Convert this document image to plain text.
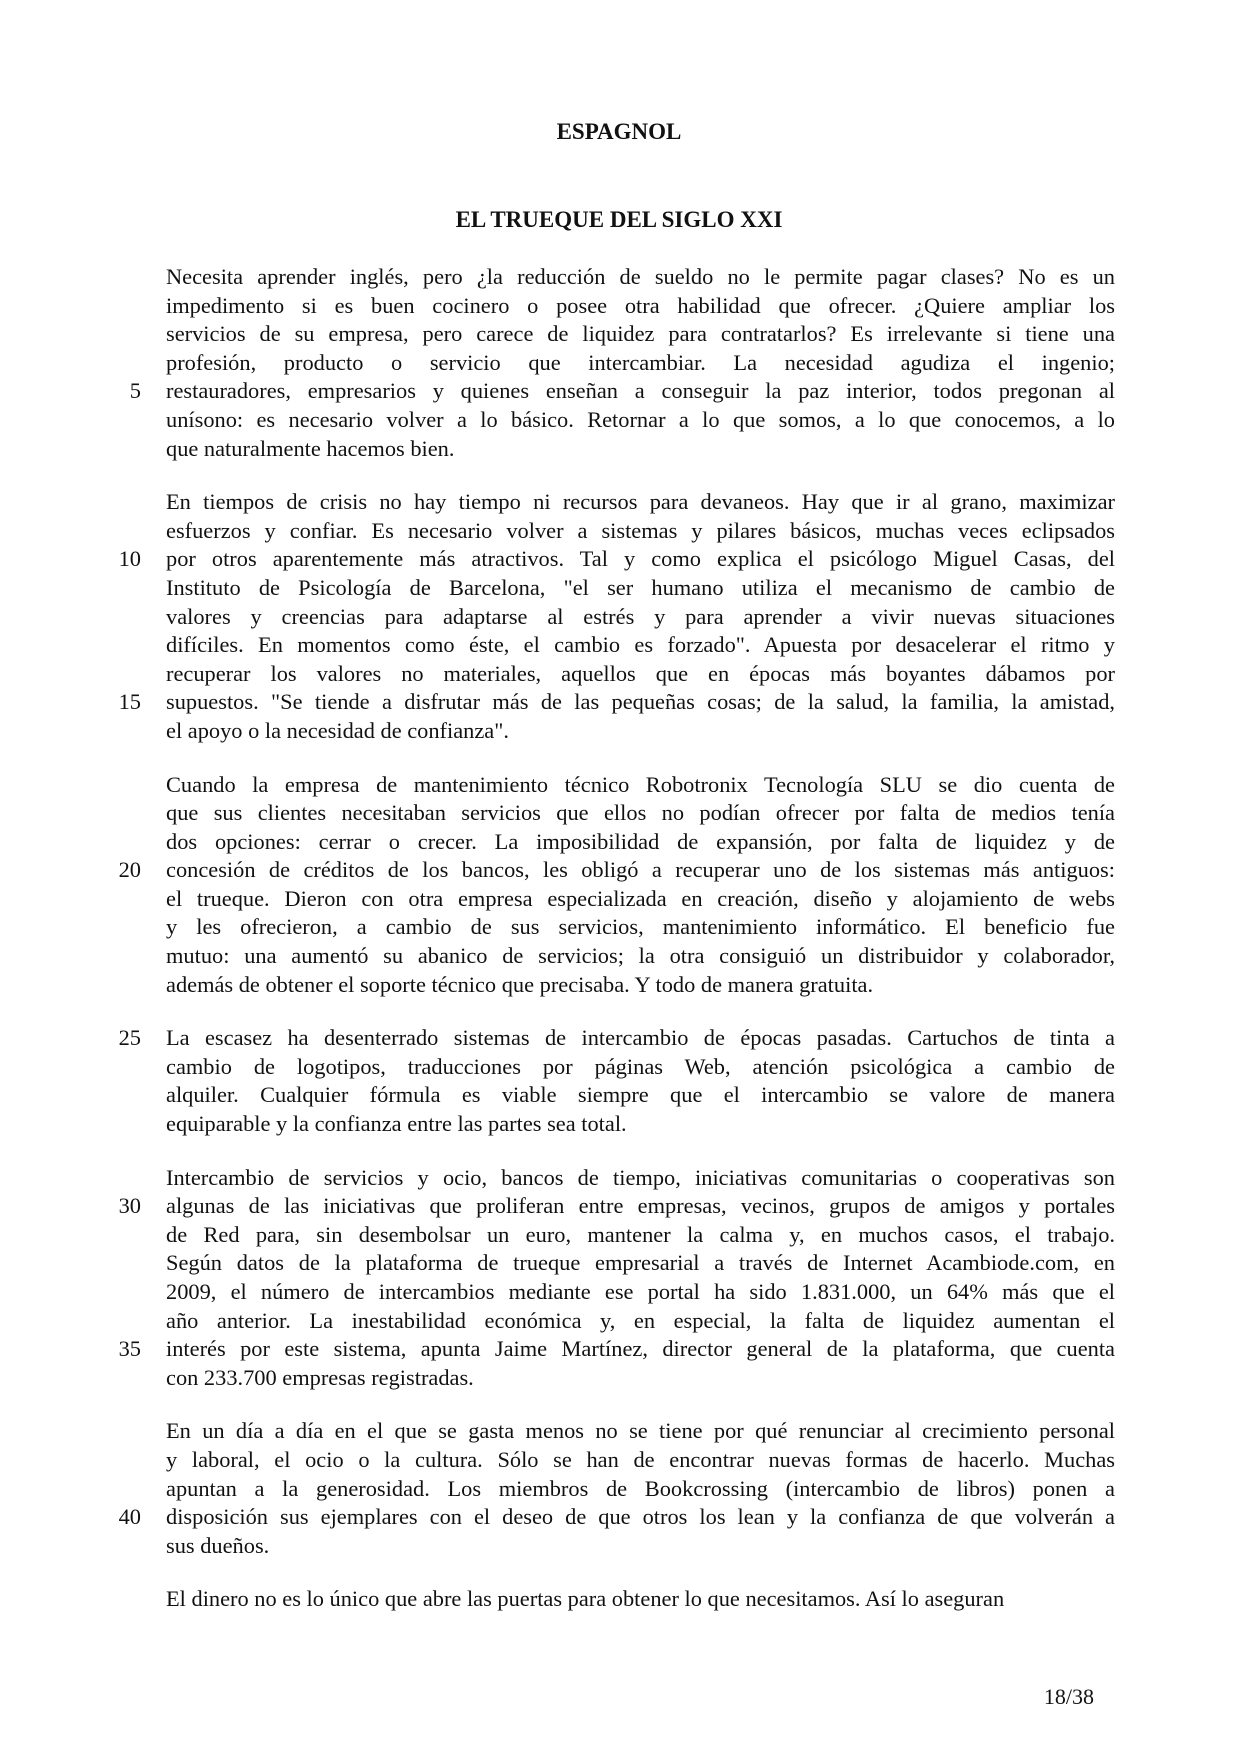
ESPAGNOL
EL TRUEQUE DEL SIGLO XXI
Necesita aprender inglés, pero ¿la reducción de sueldo no le permite pagar clases? No es un
impedimento si es buen cocinero o posee otra habilidad que ofrecer. ¿Quiere ampliar los
servicios de su empresa, pero carece de liquidez para contratarlos? Es irrelevante si tiene una
profesión, producto o servicio que intercambiar. La necesidad agudiza el ingenio;
5 restauradores, empresarios y quienes enseñan a conseguir la paz interior, todos pregonan al
unísono: es necesario volver a lo básico. Retornar a lo que somos, a lo que conocemos, a lo
que naturalmente hacemos bien.
En tiempos de crisis no hay tiempo ni recursos para devaneos. Hay que ir al grano, maximizar
esfuerzos y confiar. Es necesario volver a sistemas y pilares básicos, muchas veces eclipsados
10 por otros aparentemente más atractivos. Tal y como explica el psicólogo Miguel Casas, del
Instituto de Psicología de Barcelona, "el ser humano utiliza el mecanismo de cambio de
valores y creencias para adaptarse al estrés y para aprender a vivir nuevas situaciones
difíciles. En momentos como éste, el cambio es forzado". Apuesta por desacelerar el ritmo y
recuperar los valores no materiales, aquellos que en épocas más boyantes dábamos por
15 supuestos. "Se tiende a disfrutar más de las pequeñas cosas; de la salud, la familia, la amistad,
el apoyo o la necesidad de confianza".
Cuando la empresa de mantenimiento técnico Robotronix Tecnología SLU se dio cuenta de
que sus clientes necesitaban servicios que ellos no podían ofrecer por falta de medios tenía
dos opciones: cerrar o crecer. La imposibilidad de expansión, por falta de liquidez y de
20 concesión de créditos de los bancos, les obligó a recuperar uno de los sistemas más antiguos:
el trueque. Dieron con otra empresa especializada en creación, diseño y alojamiento de webs
y les ofrecieron, a cambio de sus servicios, mantenimiento informático. El beneficio fue
mutuo: una aumentó su abanico de servicios; la otra consiguió un distribuidor y colaborador,
además de obtener el soporte técnico que precisaba. Y todo de manera gratuita.
25 La escasez ha desenterrado sistemas de intercambio de épocas pasadas. Cartuchos de tinta a
cambio de logotipos, traducciones por páginas Web, atención psicológica a cambio de
alquiler. Cualquier fórmula es viable siempre que el intercambio se valore de manera
equiparable y la confianza entre las partes sea total.
Intercambio de servicios y ocio, bancos de tiempo, iniciativas comunitarias o cooperativas son
30 algunas de las iniciativas que proliferan entre empresas, vecinos, grupos de amigos y portales
de Red para, sin desembolsar un euro, mantener la calma y, en muchos casos, el trabajo.
Según datos de la plataforma de trueque empresarial a través de Internet Acambiode.com, en
2009, el número de intercambios mediante ese portal ha sido 1.831.000, un 64% más que el
año anterior. La inestabilidad económica y, en especial, la falta de liquidez aumentan el
35 interés por este sistema, apunta Jaime Martínez, director general de la plataforma, que cuenta
con 233.700 empresas registradas.
En un día a día en el que se gasta menos no se tiene por qué renunciar al crecimiento personal
y laboral, el ocio o la cultura. Sólo se han de encontrar nuevas formas de hacerlo. Muchas
apuntan a la generosidad. Los miembros de Bookcrossing (intercambio de libros) ponen a
40 disposición sus ejemplares con el deseo de que otros los lean y la confianza de que volverán a
sus dueños.
El dinero no es lo único que abre las puertas para obtener lo que necesitamos. Así lo aseguran
18/38
